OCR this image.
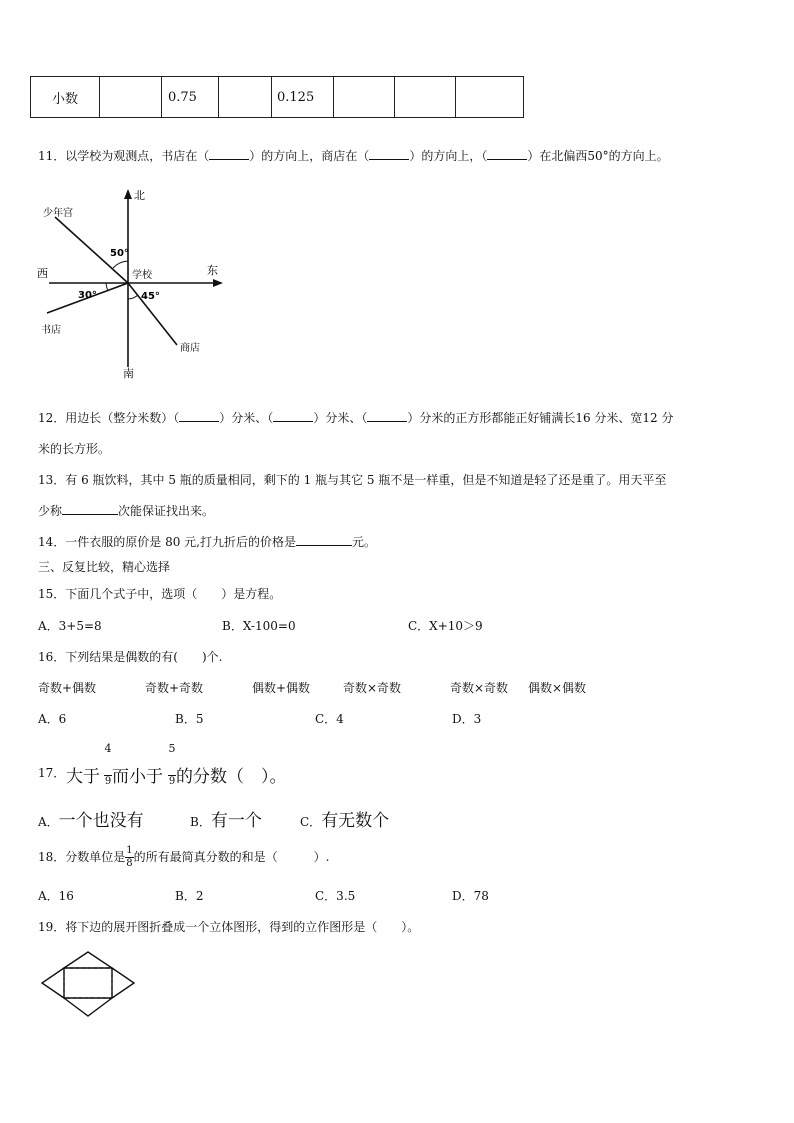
小数		0.75		0.125			
11．以学校为观测点，书店在（	）的方向上，商店在（	）的方向上，（	）在北偏西50°的方向上。
北
南
西	东
学校
少年宫
书店
商店
50°
30°	45°
12．用边长（整分米数）（	）分米、（	）分米、（	）分米的正方形都能正好铺满长16 分米、宽12 分
米的长方形。
13．有 6 瓶饮料，其中 5 瓶的质量相同，剩下的 1 瓶与其它 5 瓶不是一样重，但是不知道是轻了还是重了。用天平至
少称	次能保证找出来。
14．一件衣服的原价是 80 元,打九折后的价格是	元。
三、反复比较，精心选择
15．下面几个式子中，选项（　　）是方程。
A．3+5=8	B．X-100=0	C．X+10＞9
16．下列结果是偶数的有(　　)个.
奇数+偶数	奇数+奇数	偶数+偶数	奇数×奇数	奇数×奇数 偶数×偶数
A．6	B．5	C．4	D．3
17． 大于 $\frac{4}{9}$
而小于 $\frac{5}{9}$
的分数（　）。
A．一个也没有	B．有一个	C．有无数个
18．分数单位是 $\frac{1}{8}$ 的所有最简真分数的和是（　　　）.
A．16	B．2	C．3.5	D．78
19．将下边的展开图折叠成一个立体图形，得到的立作图形是（　　）。
